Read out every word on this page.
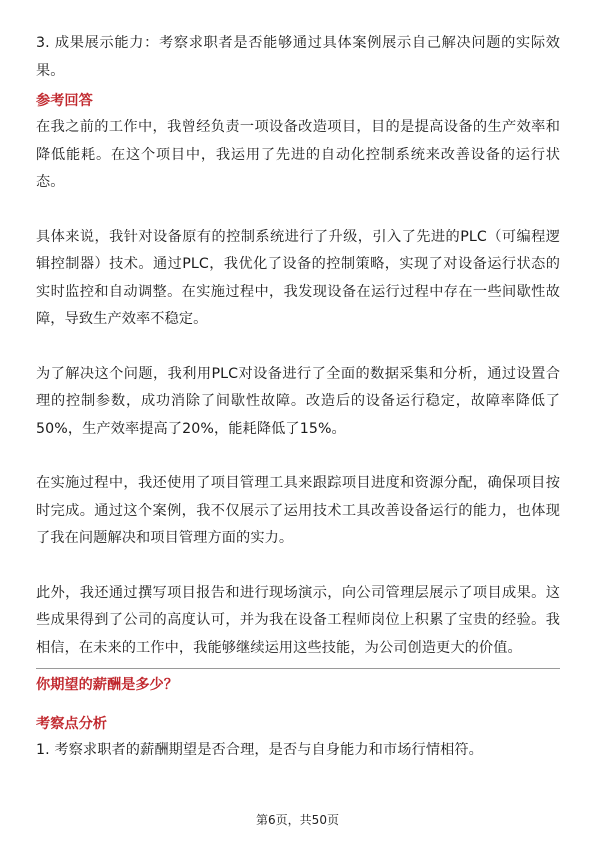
3. 成果展示能力：考察求职者是否能够通过具体案例展示自己解决问题的实际效果。

参考回答

在我之前的工作中，我曾经负责一项设备改造项目，目的是提高设备的生产效率和降低能耗。在这个项目中，我运用了先进的自动化控制系统来改善设备的运行状态。

具体来说，我针对设备原有的控制系统进行了升级，引入了先进的PLC（可编程逻辑控制器）技术。通过PLC，我优化了设备的控制策略，实现了对设备运行状态的实时监控和自动调整。在实施过程中，我发现设备在运行过程中存在一些间歇性故障，导致生产效率不稳定。

为了解决这个问题，我利用PLC对设备进行了全面的数据采集和分析，通过设置合理的控制参数，成功消除了间歇性故障。改造后的设备运行稳定，故障率降低了50%，生产效率提高了20%，能耗降低了15%。

在实施过程中，我还使用了项目管理工具来跟踪项目进度和资源分配，确保项目按时完成。通过这个案例，我不仅展示了运用技术工具改善设备运行的能力，也体现了我在问题解决和项目管理方面的实力。

此外，我还通过撰写项目报告和进行现场演示，向公司管理层展示了项目成果。这些成果得到了公司的高度认可，并为我在设备工程师岗位上积累了宝贵的经验。我相信，在未来的工作中，我能够继续运用这些技能，为公司创造更大的价值。

你期望的薪酬是多少？

考察点分析

1. 考察求职者的薪酬期望是否合理，是否与自身能力和市场行情相符。

第6页，共50页
